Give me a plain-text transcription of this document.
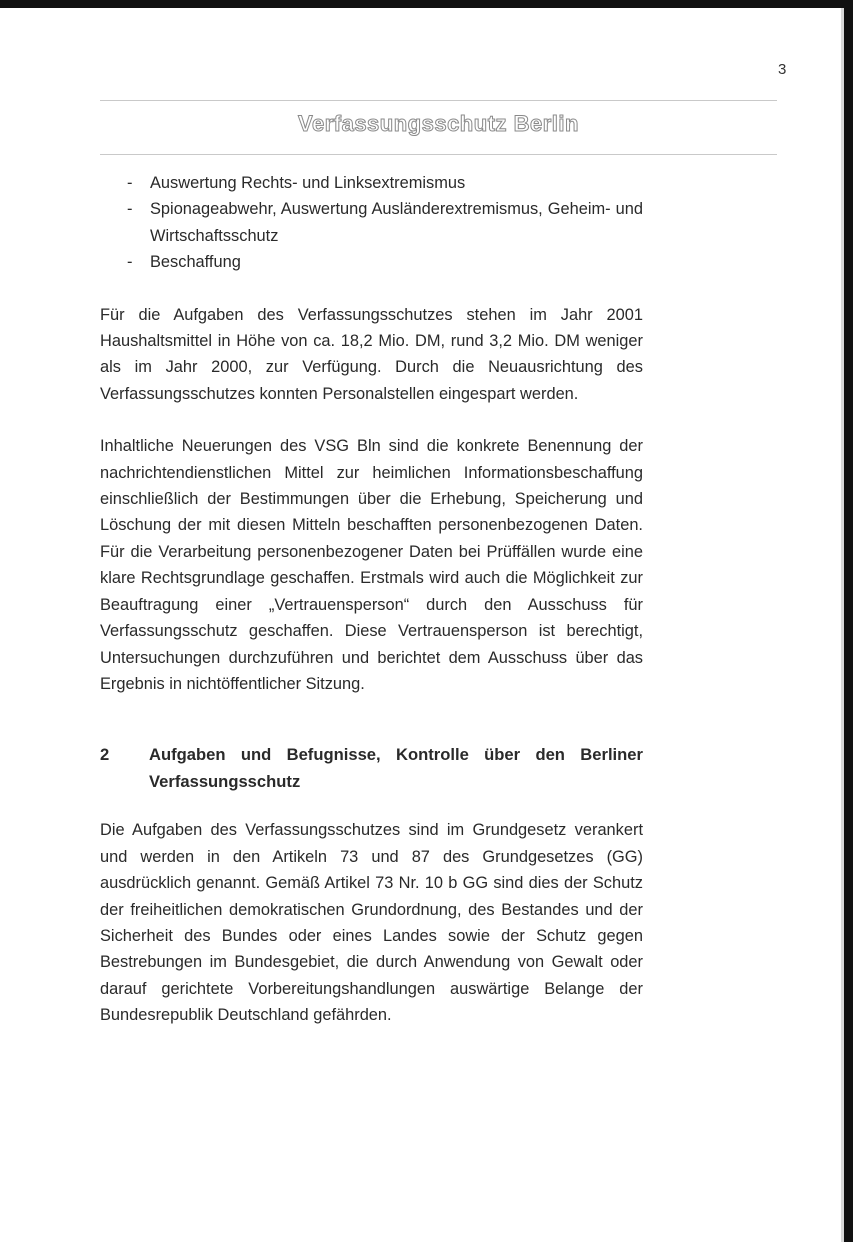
3
Verfassungsschutz Berlin
- Auswertung Rechts- und Linksextremismus
- Spionageabwehr, Auswertung Ausländerextremismus, Geheim- und Wirtschaftsschutz
- Beschaffung

Für die Aufgaben des Verfassungsschutzes stehen im Jahr 2001 Haushaltsmittel in Höhe von ca. 18,2 Mio. DM, rund 3,2 Mio. DM weniger als im Jahr 2000, zur Verfügung. Durch die Neuausrichtung des Verfassungsschutzes konnten Personalstellen eingespart werden.

Inhaltliche Neuerungen des VSG Bln sind die konkrete Benennung der nachrichtendienstlichen Mittel zur heimlichen Informationsbeschaffung einschließlich der Bestimmungen über die Erhebung, Speicherung und Löschung der mit diesen Mitteln beschafften personenbezogenen Daten. Für die Verarbeitung personenbezogener Daten bei Prüffällen wurde eine klare Rechtsgrundlage geschaffen. Erstmals wird auch die Möglichkeit zur Beauftragung einer „Vertrauensperson“ durch den Ausschuss für Verfassungsschutz geschaffen. Diese Vertrauensperson ist berechtigt, Untersuchungen durchzuführen und berichtet dem Ausschuss über das Ergebnis in nichtöffentlicher Sitzung.

2	Aufgaben und Befugnisse, Kontrolle über den Berliner Verfassungsschutz

Die Aufgaben des Verfassungsschutzes sind im Grundgesetz verankert und werden in den Artikeln 73 und 87 des Grundgesetzes (GG) ausdrücklich genannt. Gemäß Artikel 73 Nr. 10 b GG sind dies der Schutz der freiheitlichen demokratischen Grundordnung, des Bestandes und der Sicherheit des Bundes oder eines Landes sowie der Schutz gegen Bestrebungen im Bundesgebiet, die durch Anwendung von Gewalt oder darauf gerichtete Vorbereitungshandlungen auswärtige Belange der Bundesrepublik Deutschland gefährden.
